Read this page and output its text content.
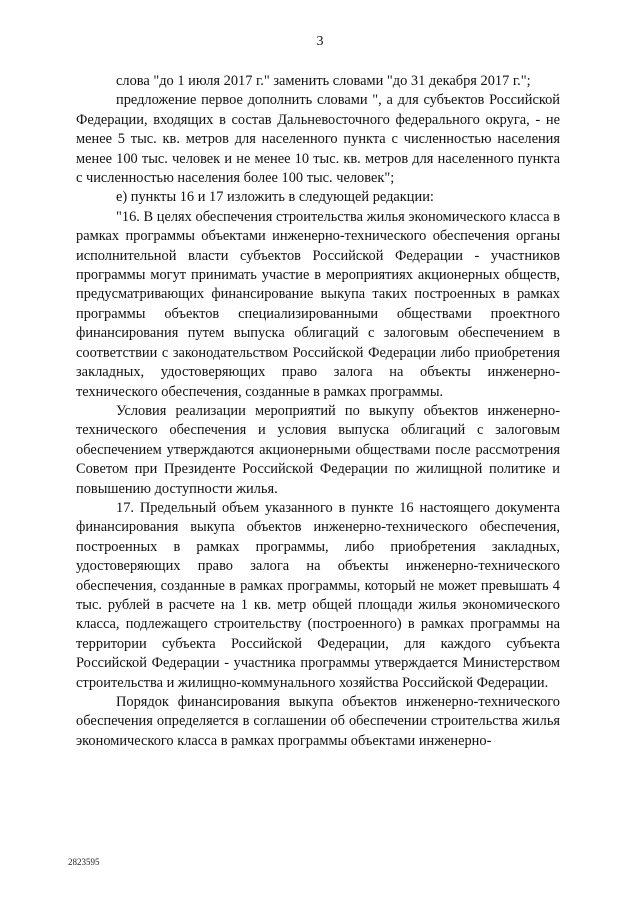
3

слова "до 1 июля 2017 г." заменить словами "до 31 декабря 2017 г.";

предложение первое дополнить словами ", а для субъектов Российской Федерации, входящих в состав Дальневосточного федерального округа, - не менее 5 тыс. кв. метров для населенного пункта с численностью населения менее 100 тыс. человек и не менее 10 тыс. кв. метров для населенного пункта с численностью населения более 100 тыс. человек";

е) пункты 16 и 17 изложить в следующей редакции:

"16. В целях обеспечения строительства жилья экономического класса в рамках программы объектами инженерно-технического обеспечения органы исполнительной власти субъектов Российской Федерации - участников программы могут принимать участие в мероприятиях акционерных обществ, предусматривающих финансирование выкупа таких построенных в рамках программы объектов специализированными обществами проектного финансирования путем выпуска облигаций с залоговым обеспечением в соответствии с законодательством Российской Федерации либо приобретения закладных, удостоверяющих право залога на объекты инженерно-технического обеспечения, созданные в рамках программы.

Условия реализации мероприятий по выкупу объектов инженерно-технического обеспечения и условия выпуска облигаций с залоговым обеспечением утверждаются акционерными обществами после рассмотрения Советом при Президенте Российской Федерации по жилищной политике и повышению доступности жилья.

17. Предельный объем указанного в пункте 16 настоящего документа финансирования выкупа объектов инженерно-технического обеспечения, построенных в рамках программы, либо приобретения закладных, удостоверяющих право залога на объекты инженерно-технического обеспечения, созданные в рамках программы, который не может превышать 4 тыс. рублей в расчете на 1 кв. метр общей площади жилья экономического класса, подлежащего строительству (построенного) в рамках программы на территории субъекта Российской Федерации, для каждого субъекта Российской Федерации - участника программы утверждается Министерством строительства и жилищно-коммунального хозяйства Российской Федерации.

Порядок финансирования выкупа объектов инженерно-технического обеспечения определяется в соглашении об обеспечении строительства жилья экономического класса в рамках программы объектами инженерно-

2823595
